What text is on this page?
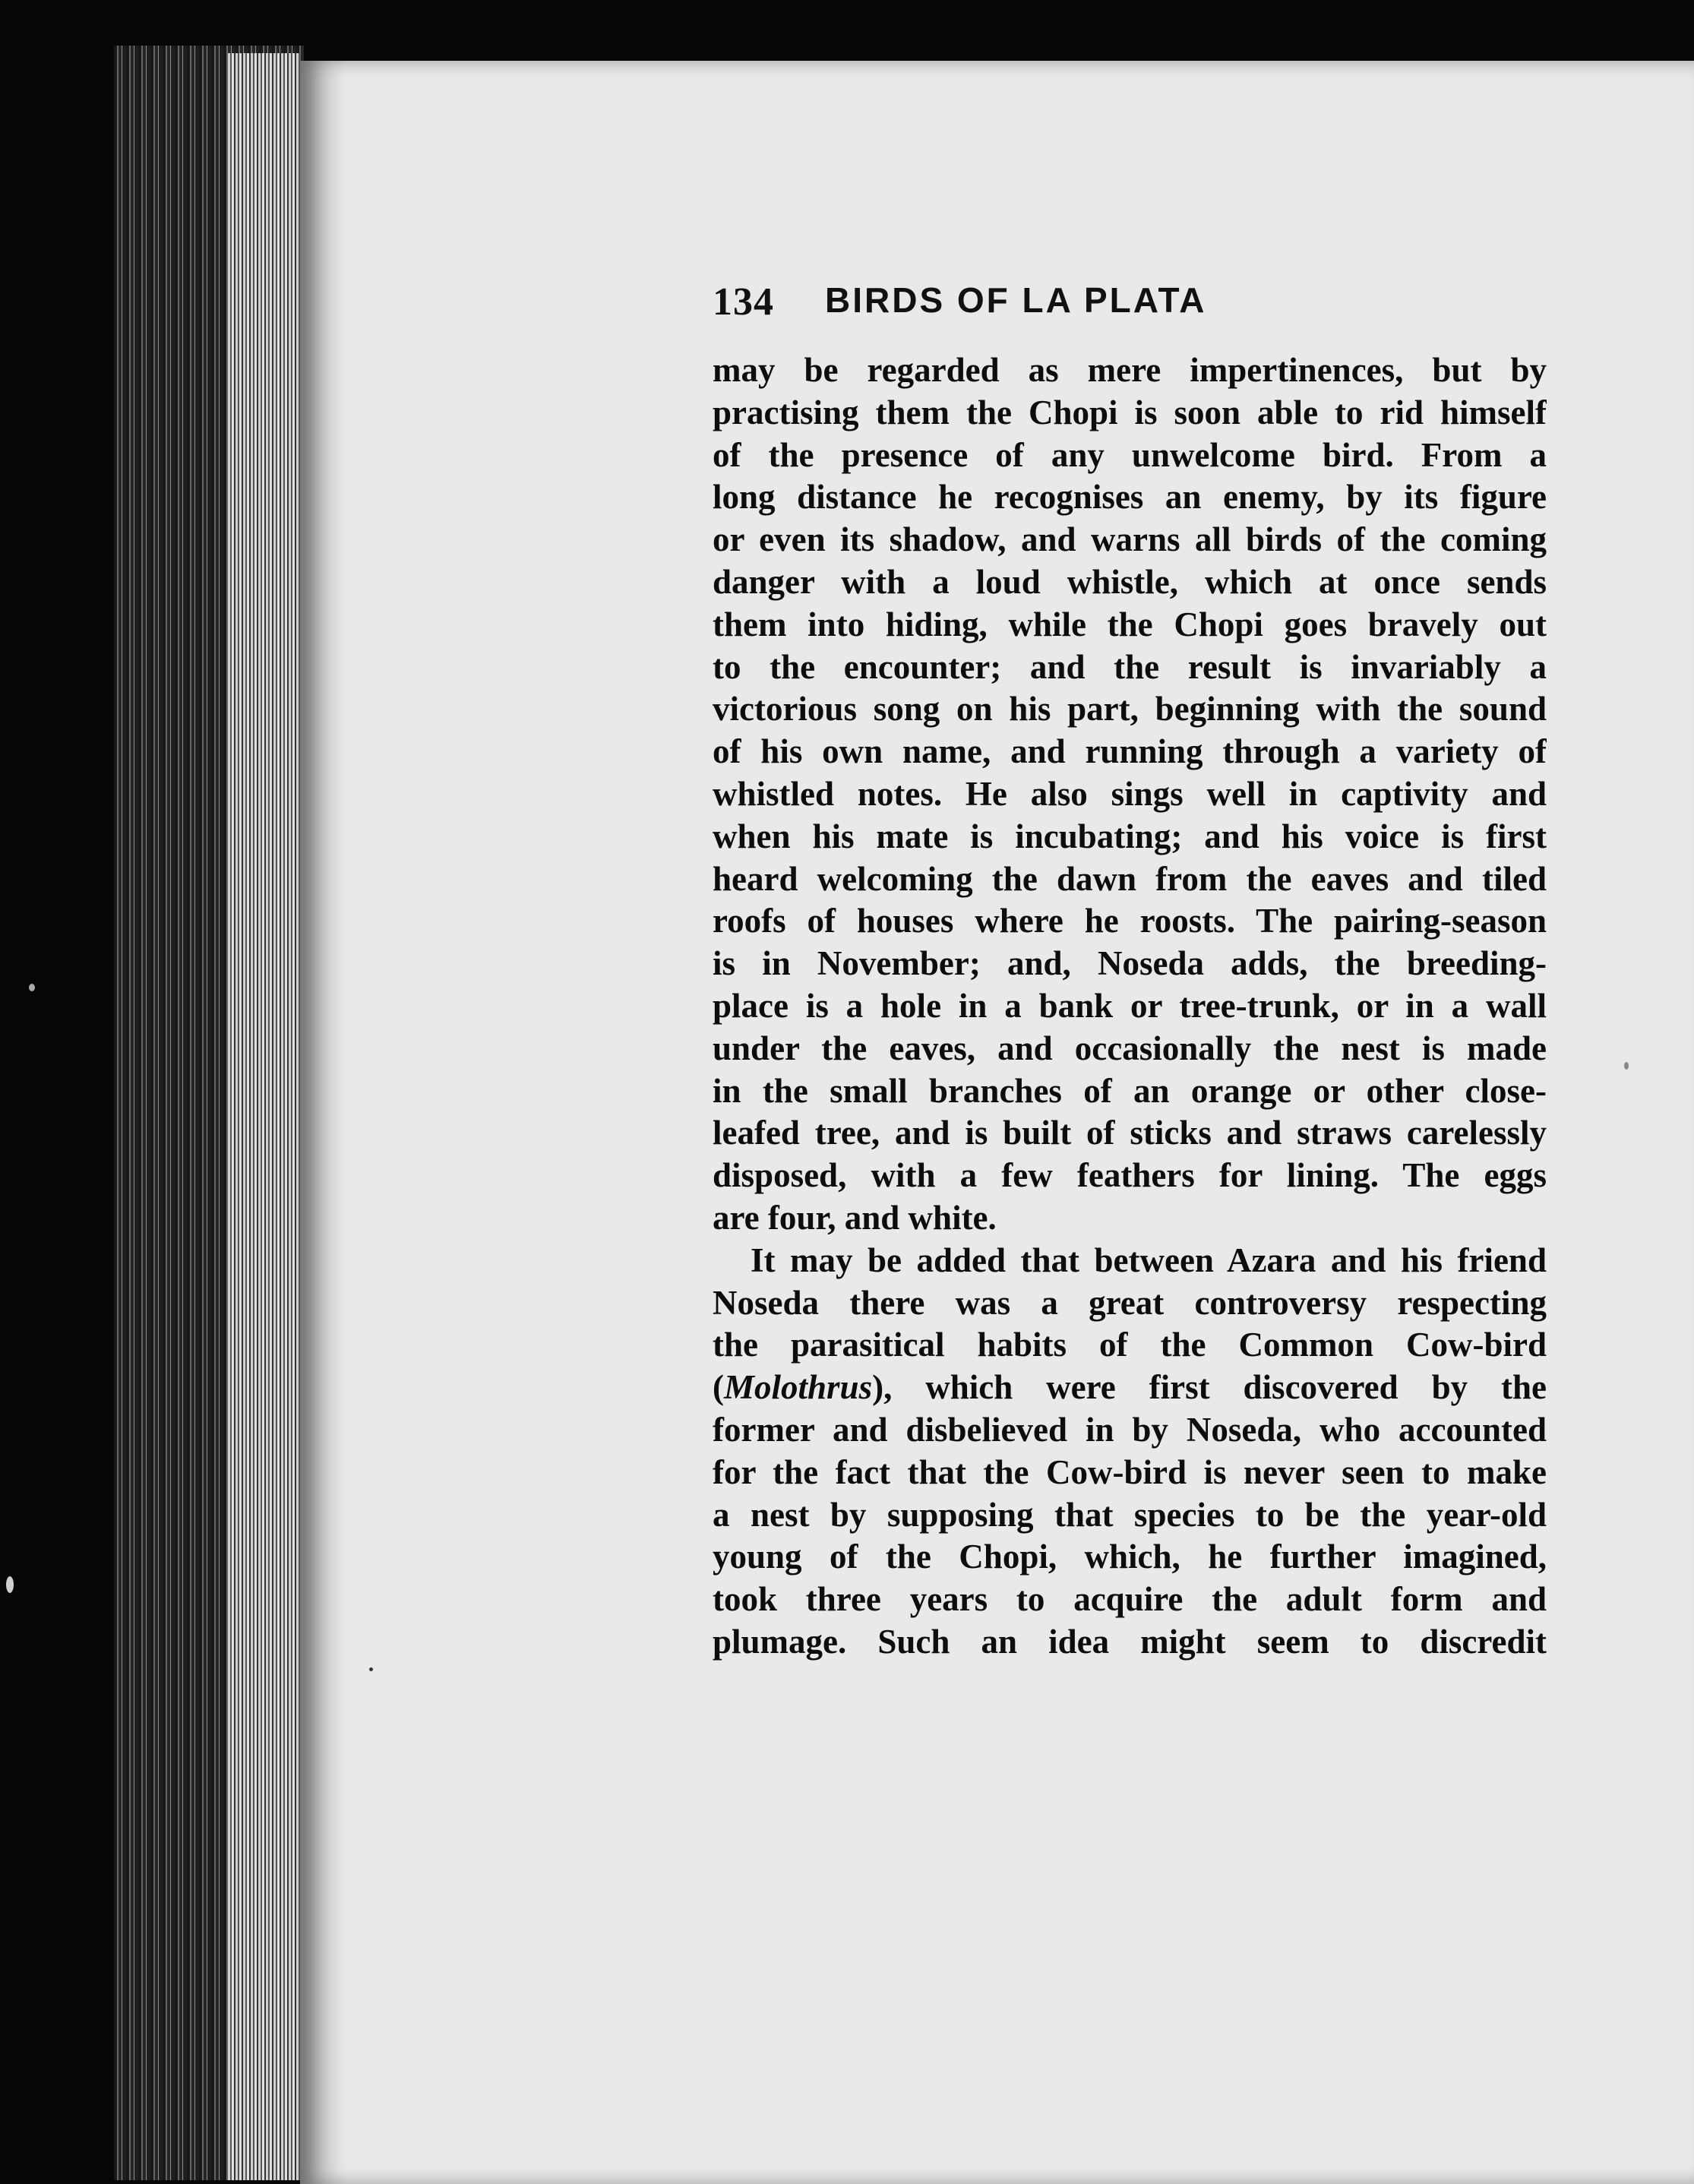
134 BIRDS OF LA PLATA
may be regarded as mere impertinences, but by
practising them the Chopi is soon able to rid himself
of the presence of any unwelcome bird. From a
long distance he recognises an enemy, by its figure
or even its shadow, and warns all birds of the coming
danger with a loud whistle, which at once sends
them into hiding, while the Chopi goes bravely out
to the encounter; and the result is invariably a
victorious song on his part, beginning with the sound
of his own name, and running through a variety of
whistled notes. He also sings well in captivity and
when his mate is incubating; and his voice is first
heard welcoming the dawn from the eaves and tiled
roofs of houses where he roosts. The pairing-season
is in November; and, Noseda adds, the breeding-
place is a hole in a bank or tree-trunk, or in a wall
under the eaves, and occasionally the nest is made
in the small branches of an orange or other close-
leafed tree, and is built of sticks and straws carelessly
disposed, with a few feathers for lining. The eggs
are four, and white.
It may be added that between Azara and his friend
Noseda there was a great controversy respecting
the parasitical habits of the Common Cow-bird
(Molothrus), which were first discovered by the
former and disbelieved in by Noseda, who accounted
for the fact that the Cow-bird is never seen to make
a nest by supposing that species to be the year-old
young of the Chopi, which, he further imagined,
took three years to acquire the adult form and
plumage. Such an idea might seem to discredit
